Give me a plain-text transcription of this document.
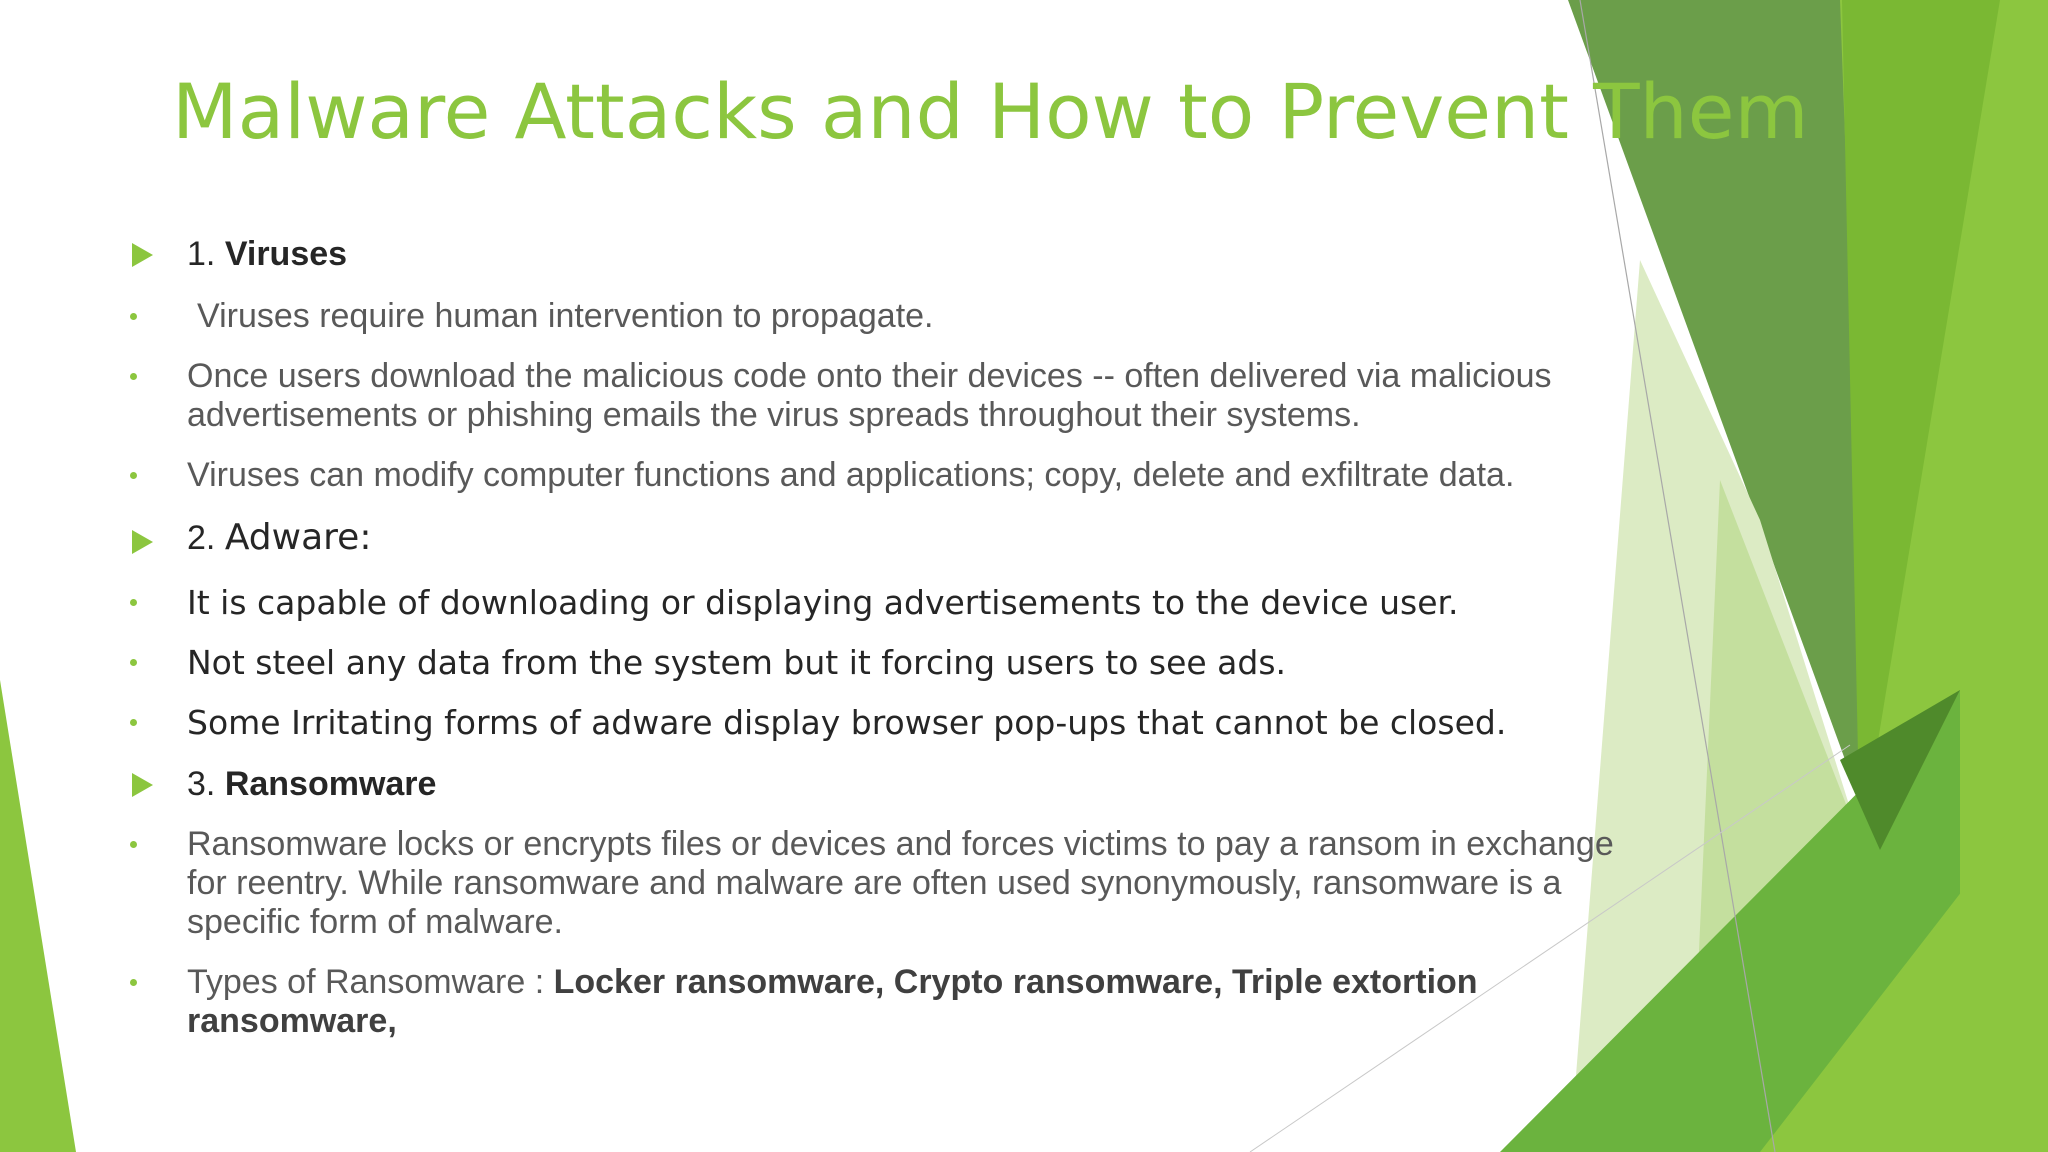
Malware Attacks and How to Prevent Them
1. Viruses
Viruses require human intervention to propagate.
Once users download the malicious code onto their devices -- often delivered via malicious
advertisements or phishing emails the virus spreads throughout their systems.
Viruses can modify computer functions and applications; copy, delete and exfiltrate data.
2. Adware:
It is capable of downloading or displaying advertisements to the device user.
Not steel any data from the system but it forcing users to see ads.
Some Irritating forms of adware display browser pop-ups that cannot be closed.
3. Ransomware
Ransomware locks or encrypts files or devices and forces victims to pay a ransom in exchange
for reentry. While ransomware and malware are often used synonymously, ransomware is a
specific form of malware.
Types of Ransomware : Locker ransomware, Crypto ransomware, Triple extortion
ransomware,
